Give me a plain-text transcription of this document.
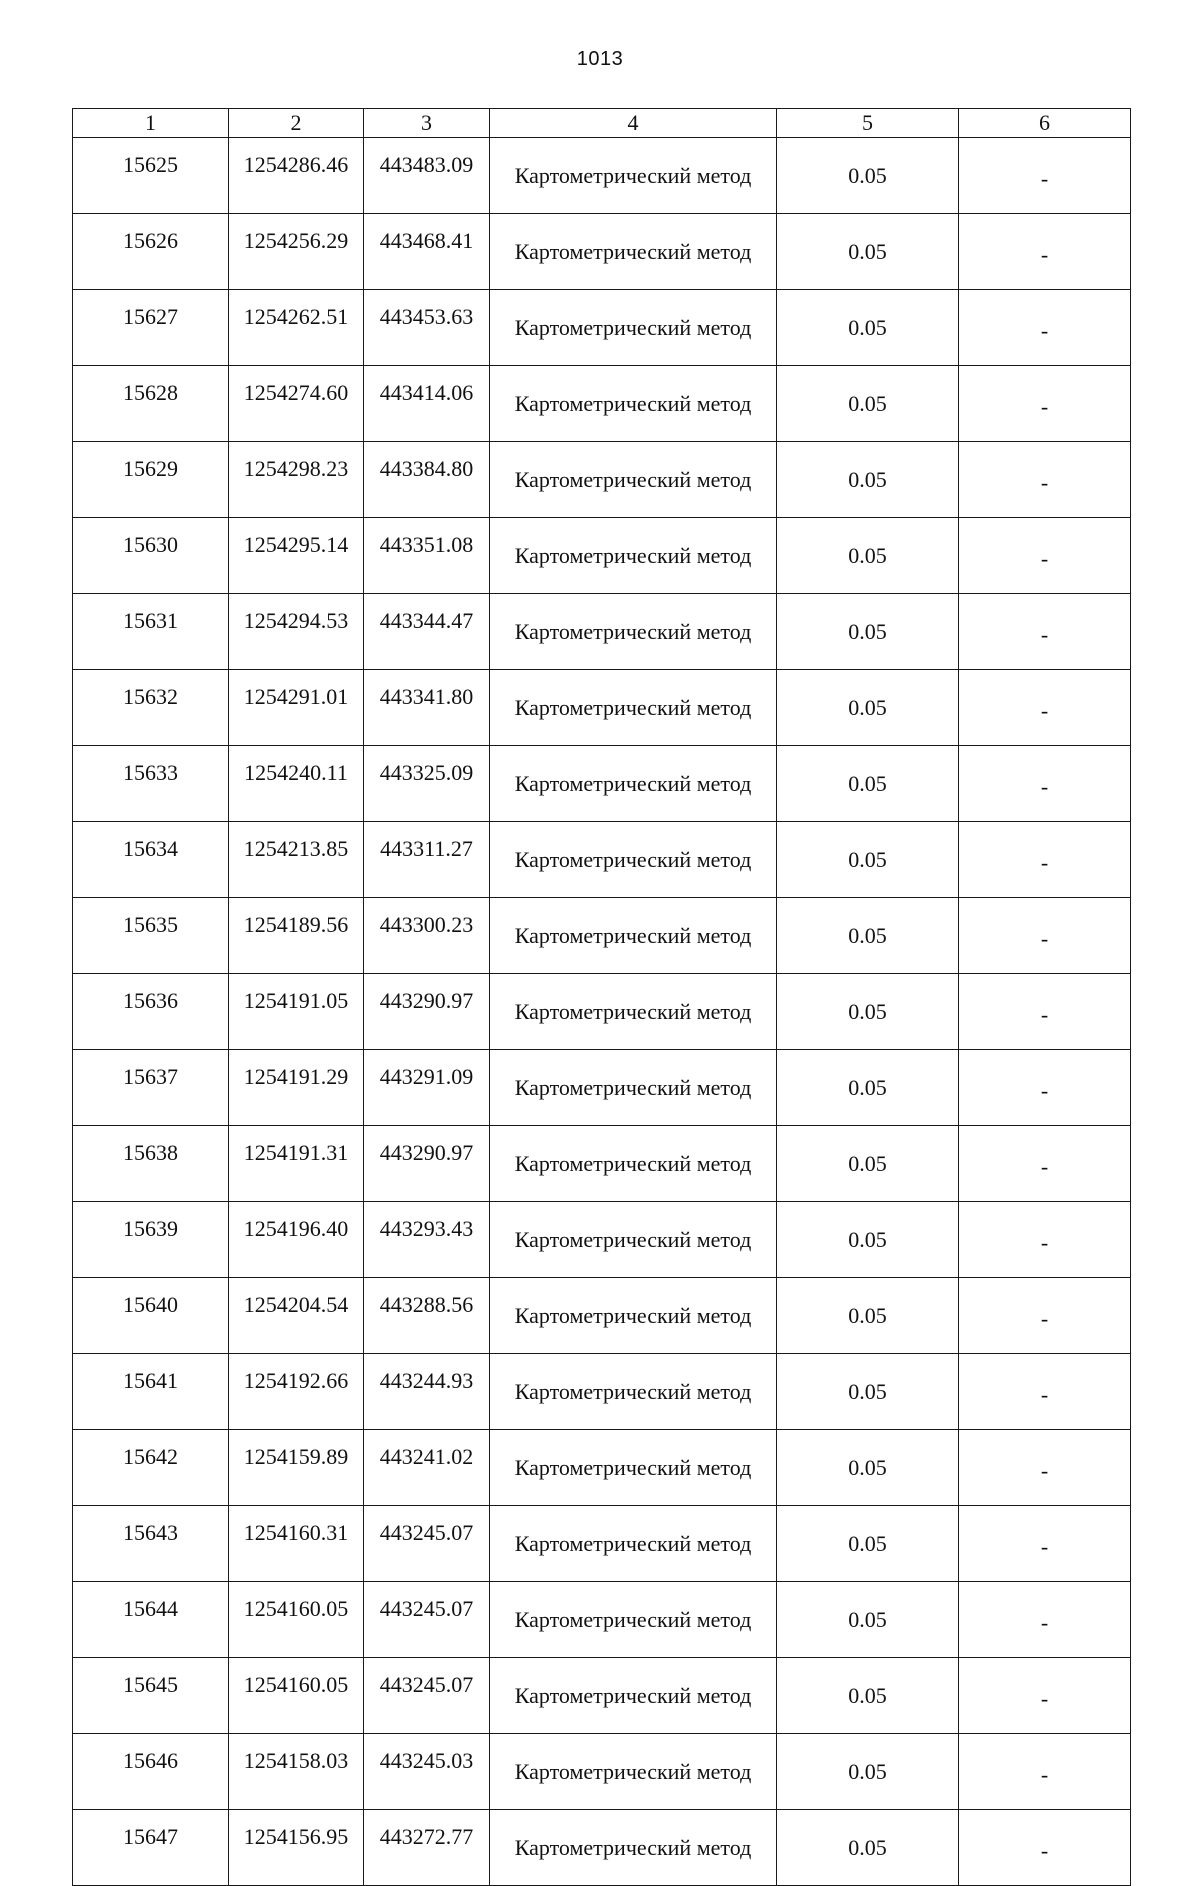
1013
1	2	3	4	5	6
15625	1254286.46	443483.09	Картометрический метод	0.05	-
15626	1254256.29	443468.41	Картометрический метод	0.05	-
15627	1254262.51	443453.63	Картометрический метод	0.05	-
15628	1254274.60	443414.06	Картометрический метод	0.05	-
15629	1254298.23	443384.80	Картометрический метод	0.05	-
15630	1254295.14	443351.08	Картометрический метод	0.05	-
15631	1254294.53	443344.47	Картометрический метод	0.05	-
15632	1254291.01	443341.80	Картометрический метод	0.05	-
15633	1254240.11	443325.09	Картометрический метод	0.05	-
15634	1254213.85	443311.27	Картометрический метод	0.05	-
15635	1254189.56	443300.23	Картометрический метод	0.05	-
15636	1254191.05	443290.97	Картометрический метод	0.05	-
15637	1254191.29	443291.09	Картометрический метод	0.05	-
15638	1254191.31	443290.97	Картометрический метод	0.05	-
15639	1254196.40	443293.43	Картометрический метод	0.05	-
15640	1254204.54	443288.56	Картометрический метод	0.05	-
15641	1254192.66	443244.93	Картометрический метод	0.05	-
15642	1254159.89	443241.02	Картометрический метод	0.05	-
15643	1254160.31	443245.07	Картометрический метод	0.05	-
15644	1254160.05	443245.07	Картометрический метод	0.05	-
15645	1254160.05	443245.07	Картометрический метод	0.05	-
15646	1254158.03	443245.03	Картометрический метод	0.05	-
15647	1254156.95	443272.77	Картометрический метод	0.05	-
